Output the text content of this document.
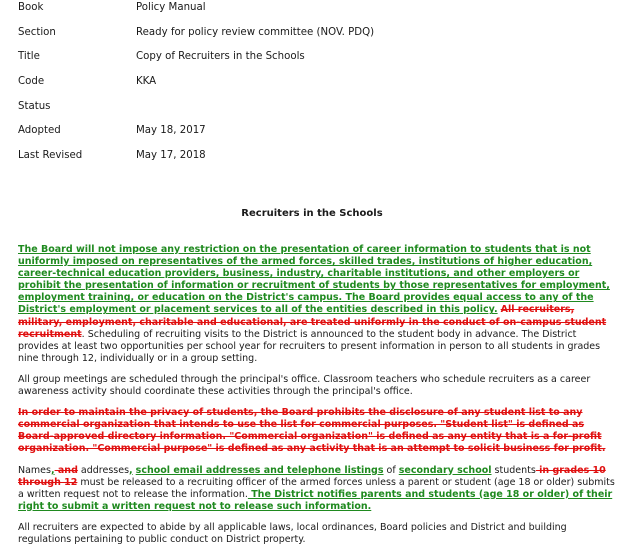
Book	Policy Manual
Section	Ready for policy review committee (NOV. PDQ)
Title	Copy of Recruiters in the Schools
Code	KKA
Status
Adopted	May 18, 2017
Last Revised	May 17, 2018
Recruiters in the Schools

The Board will not impose any restriction on the presentation of career information to students that is not uniformly imposed on representatives of the armed forces, skilled trades, institutions of higher education, career-technical education providers, business, industry, charitable institutions, and other employers or prohibit the presentation of information or recruitment of students by those representatives for employment, employment training, or education on the District's campus. The Board provides equal access to any of the District's employment or placement services to all of the entities described in this policy. All recruiters, military, employment, charitable and educational, are treated uniformly in the conduct of on-campus student recruitment. Scheduling of recruiting visits to the District is announced to the student body in advance. The District provides at least two opportunities per school year for recruiters to present information in person to all students in grades nine through 12, individually or in a group setting.

All group meetings are scheduled through the principal's office. Classroom teachers who schedule recruiters as a career awareness activity should coordinate these activities through the principal's office.

In order to maintain the privacy of students, the Board prohibits the disclosure of any student list to any commercial organization that intends to use the list for commercial purposes. "Student list" is defined as Board-approved directory information. "Commercial organization" is defined as any entity that is a for-profit organization. "Commercial purpose" is defined as any activity that is an attempt to solicit business for profit.

Names, and addresses, school email addresses and telephone listings of secondary school students in grades 10 through 12 must be released to a recruiting officer of the armed forces unless a parent or student (age 18 or older) submits a written request not to release the information. The District notifies parents and students (age 18 or older) of their right to submit a written request not to release such information.

All recruiters are expected to abide by all applicable laws, local ordinances, Board policies and District and building regulations pertaining to public conduct on District property.
